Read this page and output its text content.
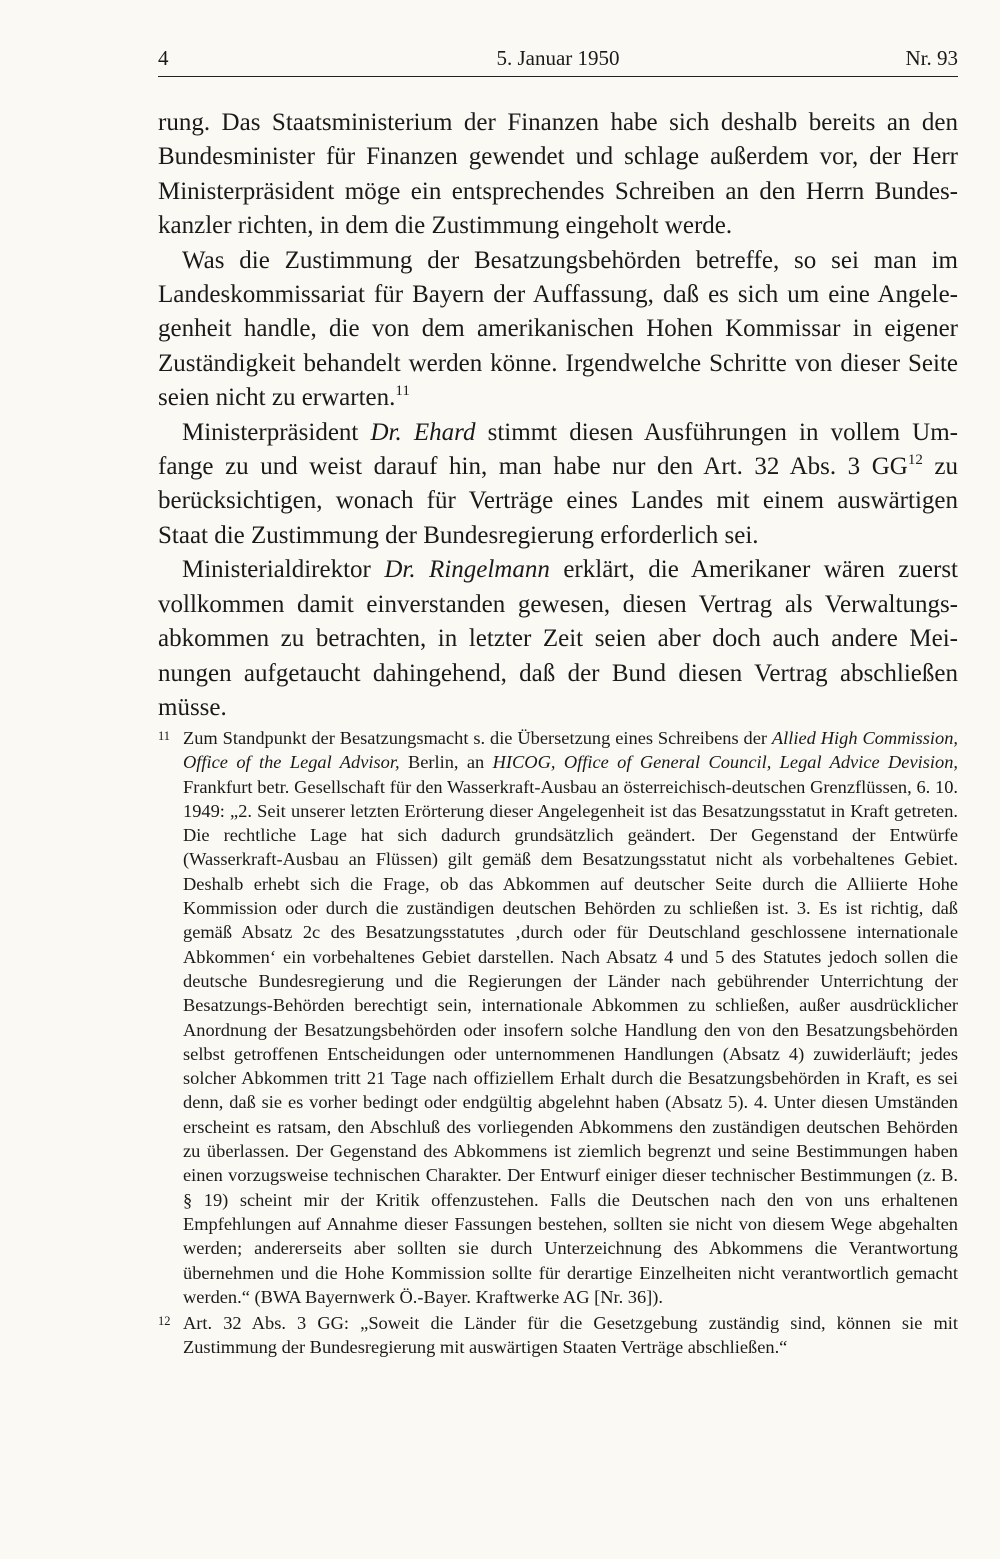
4	5. Januar 1950	Nr. 93

rung. Das Staatsministerium der Finanzen habe sich deshalb bereits an den Bundesminister für Finanzen gewendet und schlage außerdem vor, der Herr Ministerpräsident möge ein entsprechendes Schreiben an den Herrn Bundeskanzler richten, in dem die Zustimmung eingeholt werde.

Was die Zustimmung der Besatzungsbehörden betreffe, so sei man im Landeskommissariat für Bayern der Auffassung, daß es sich um eine Angelegenheit handle, die von dem amerikanischen Hohen Kommissar in eigener Zuständigkeit behandelt werden könne. Irgendwelche Schritte von dieser Seite seien nicht zu erwarten.$^{11}$

Ministerpräsident Dr. Ehard stimmt diesen Ausführungen in vollem Umfange zu und weist darauf hin, man habe nur den Art. 32 Abs. 3 GG$^{12}$ zu berücksichtigen, wonach für Verträge eines Landes mit einem auswärtigen Staat die Zustimmung der Bundesregierung erforderlich sei.

Ministerialdirektor Dr. Ringelmann erklärt, die Amerikaner wären zuerst vollkommen damit einverstanden gewesen, diesen Vertrag als Verwaltungsabkommen zu betrachten, in letzter Zeit seien aber doch auch andere Meinungen aufgetaucht dahingehend, daß der Bund diesen Vertrag abschließen müsse.

11 Zum Standpunkt der Besatzungsmacht s. die Übersetzung eines Schreibens der Allied High Commission, Office of the Legal Advisor, Berlin, an HICOG, Office of General Council, Legal Advice Devision, Frankfurt betr. Gesellschaft für den Wasserkraft-Ausbau an österreichisch-deutschen Grenzflüssen, 6. 10. 1949: „2. Seit unserer letzten Erörterung dieser Angelegenheit ist das Besatzungsstatut in Kraft getreten. Die rechtliche Lage hat sich dadurch grundsätzlich geändert. Der Gegenstand der Entwürfe (Wasserkraft-Ausbau an Flüssen) gilt gemäß dem Besatzungsstatut nicht als vorbehaltenes Gebiet. Deshalb erhebt sich die Frage, ob das Abkommen auf deutscher Seite durch die Alliierte Hohe Kommission oder durch die zuständigen deutschen Behörden zu schließen ist. 3. Es ist richtig, daß gemäß Absatz 2c des Besatzungsstatutes ‚durch oder für Deutschland geschlossene internationale Abkommen‘ ein vorbehaltenes Gebiet darstellen. Nach Absatz 4 und 5 des Statutes jedoch sollen die deutsche Bundesregierung und die Regierungen der Länder nach gebührender Unterrichtung der Besatzungs-Behörden berechtigt sein, internationale Abkommen zu schließen, außer ausdrücklicher Anordnung der Besatzungsbehörden oder insofern solche Handlung den von den Besatzungsbehörden selbst getroffenen Entscheidungen oder unternommenen Handlungen (Absatz 4) zuwiderläuft; jedes solcher Abkommen tritt 21 Tage nach offiziellem Erhalt durch die Besatzungsbehörden in Kraft, es sei denn, daß sie es vorher bedingt oder endgültig abgelehnt haben (Absatz 5). 4. Unter diesen Umständen erscheint es ratsam, den Abschluß des vorliegenden Abkommens den zuständigen deutschen Behörden zu überlassen. Der Gegenstand des Abkommens ist ziemlich begrenzt und seine Bestimmungen haben einen vorzugsweise technischen Charakter. Der Entwurf einiger dieser technischer Bestimmungen (z. B. § 19) scheint mir der Kritik offenzustehen. Falls die Deutschen nach den von uns erhaltenen Empfehlungen auf Annahme dieser Fassungen bestehen, sollten sie nicht von diesem Wege abgehalten werden; andererseits aber sollten sie durch Unterzeichnung des Abkommens die Verantwortung übernehmen und die Hohe Kommission sollte für derartige Einzelheiten nicht verantwortlich gemacht werden.“ (BWA Bayernwerk Ö.-Bayer. Kraftwerke AG [Nr. 36]).

12 Art. 32 Abs. 3 GG: „Soweit die Länder für die Gesetzgebung zuständig sind, können sie mit Zustimmung der Bundesregierung mit auswärtigen Staaten Verträge abschließen.“
